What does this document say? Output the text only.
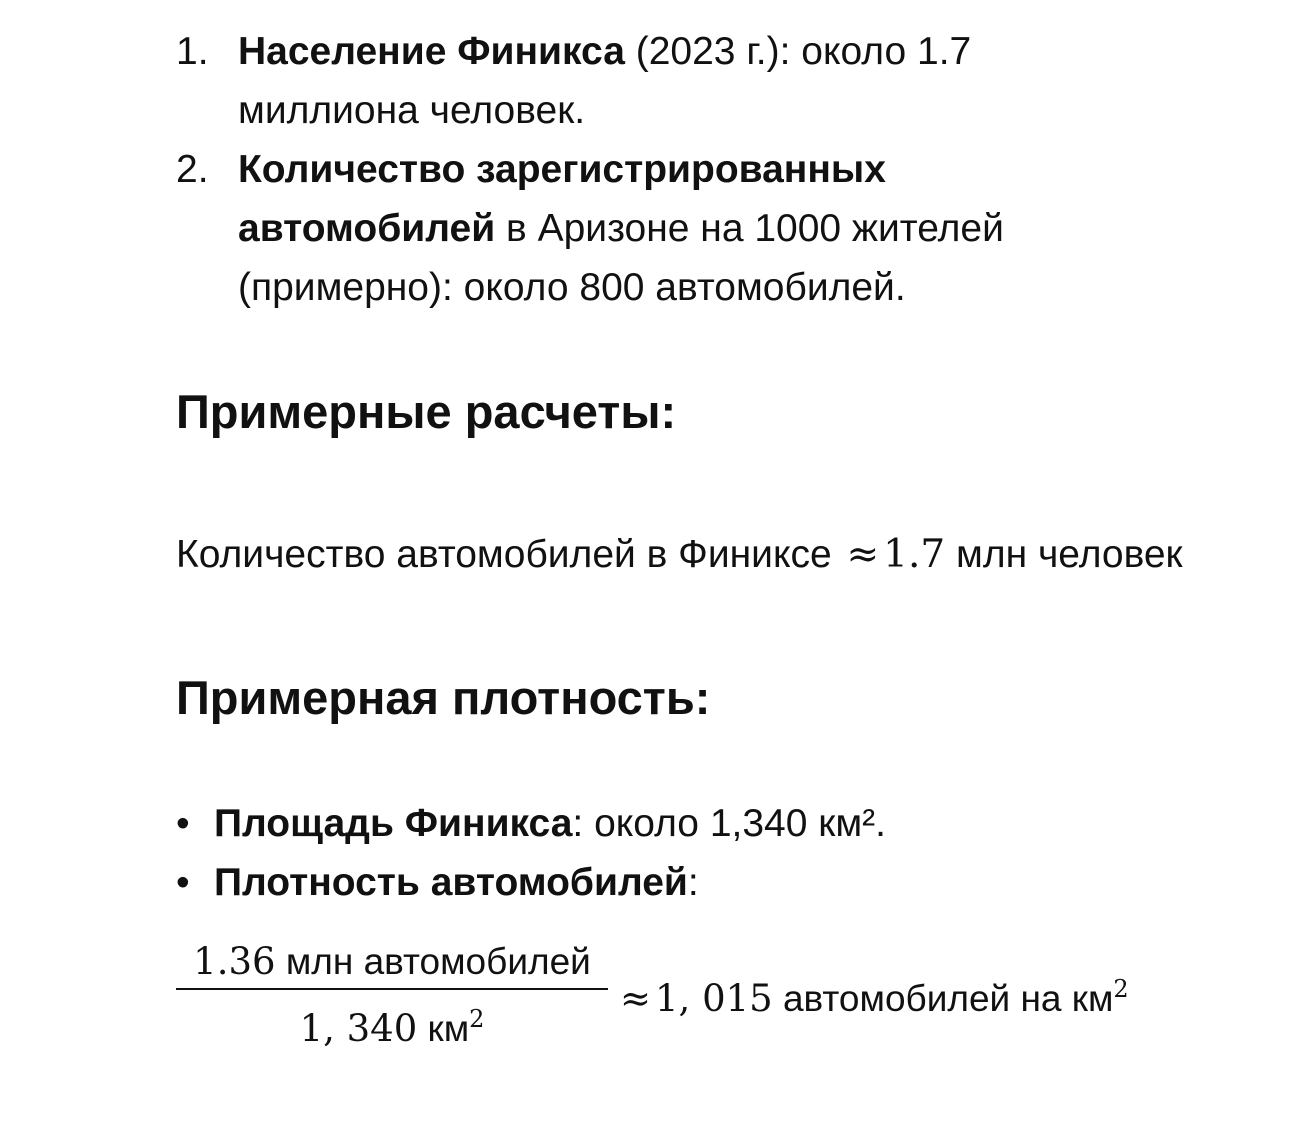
1. Население Финикса (2023 г.): около 1.7 миллиона человек.
2. Количество зарегистрированных автомобилей в Аризоне на 1000 жителей (примерно): около 800 автомобилей.
Примерные расчеты:
Количество автомобилей в Финиксе ≈ 1.7 млн человек
Примерная плотность:
• Площадь Финикса: около 1,340 км².
• Плотность автомобилей:
1.36 млн автомобилей
1, 340 $км^2$	≈ 1, 015 автомобилей на $км^2$
